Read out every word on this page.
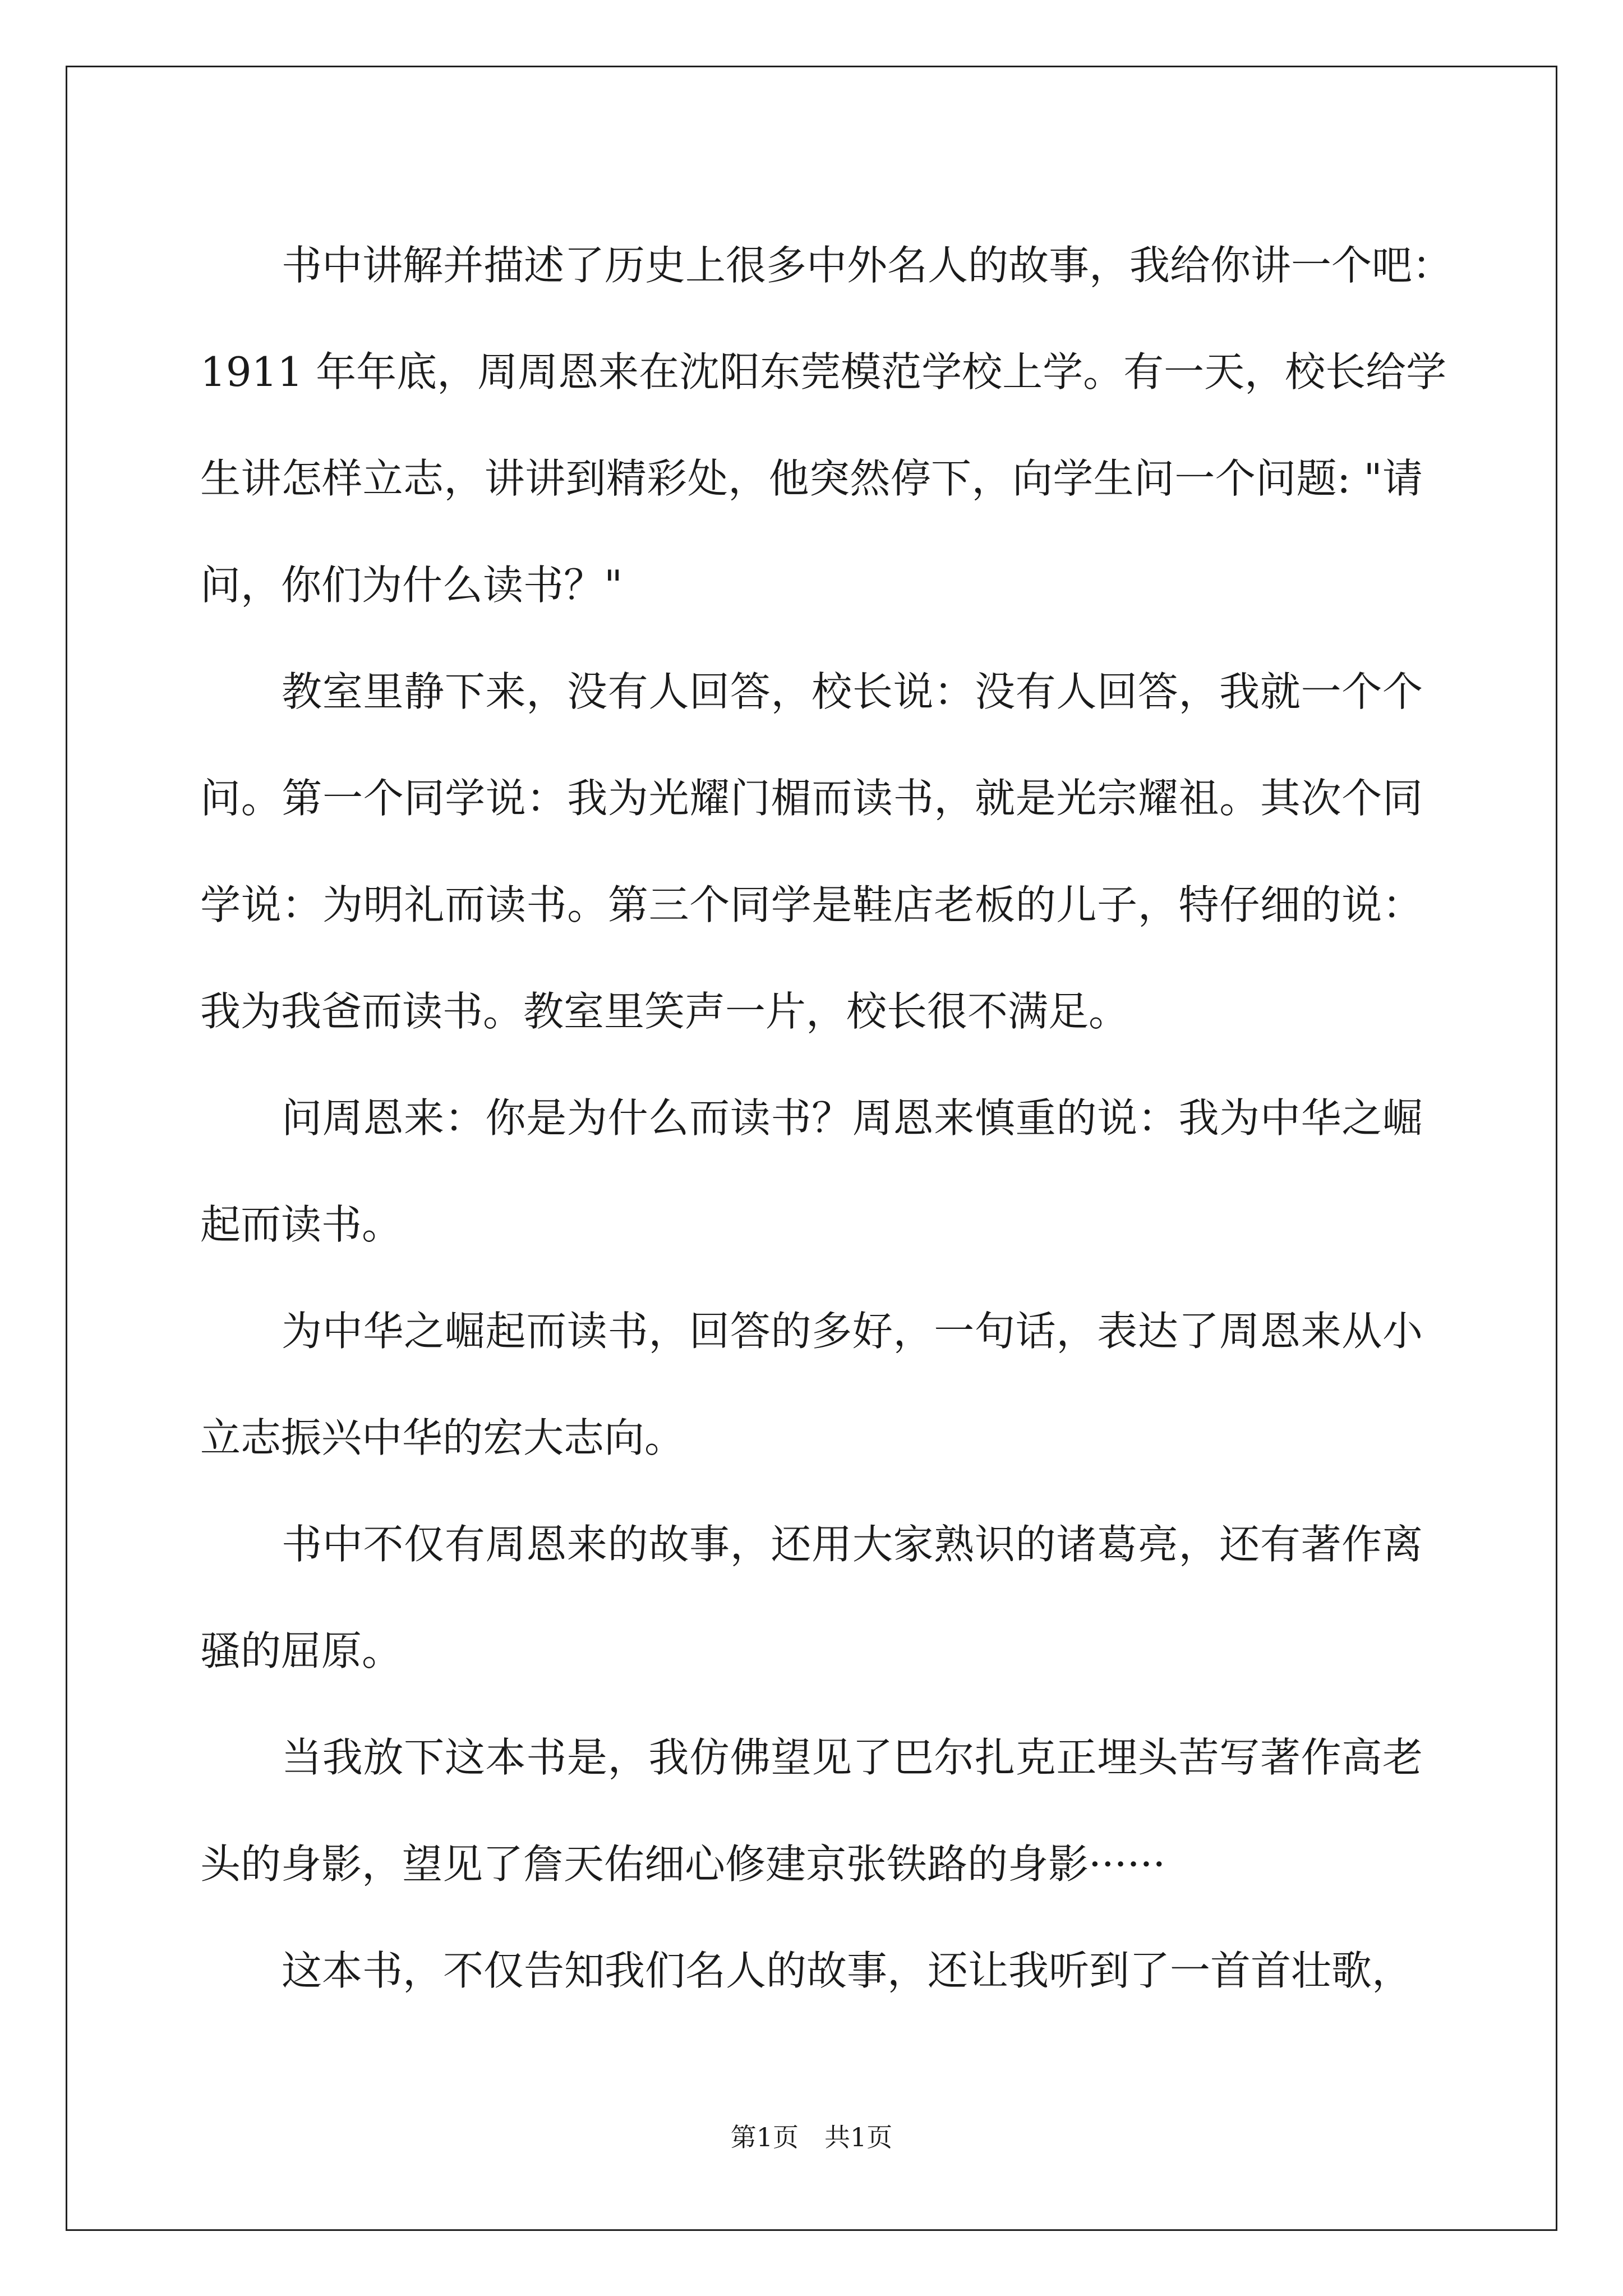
书中讲解并描述了历史上很多中外名人的故事，我给你讲一个吧：
1911 年年底，周周恩来在沈阳东莞模范学校上学。有一天，校长给学
生讲怎样立志，讲讲到精彩处，他突然停下，向学生问一个问题: "请
问，你们为什么读书？"
教室里静下来，没有人回答，校长说：没有人回答，我就一个个
问。第一个同学说：我为光耀门楣而读书，就是光宗耀祖。其次个同
学说：为明礼而读书。第三个同学是鞋店老板的儿子，特仔细的说：
我为我爸而读书。教室里笑声一片，校长很不满足。
问周恩来：你是为什么而读书？周恩来慎重的说：我为中华之崛
起而读书。
为中华之崛起而读书，回答的多好，一句话，表达了周恩来从小
立志振兴中华的宏大志向。
书中不仅有周恩来的故事，还用大家熟识的诸葛亮，还有著作离
骚的屈原。
当我放下这本书是，我仿佛望见了巴尔扎克正埋头苦写著作高老
头的身影，望见了詹天佑细心修建京张铁路的身影······
这本书，不仅告知我们名人的故事，还让我听到了一首首壮歌，
第1页　共1页
